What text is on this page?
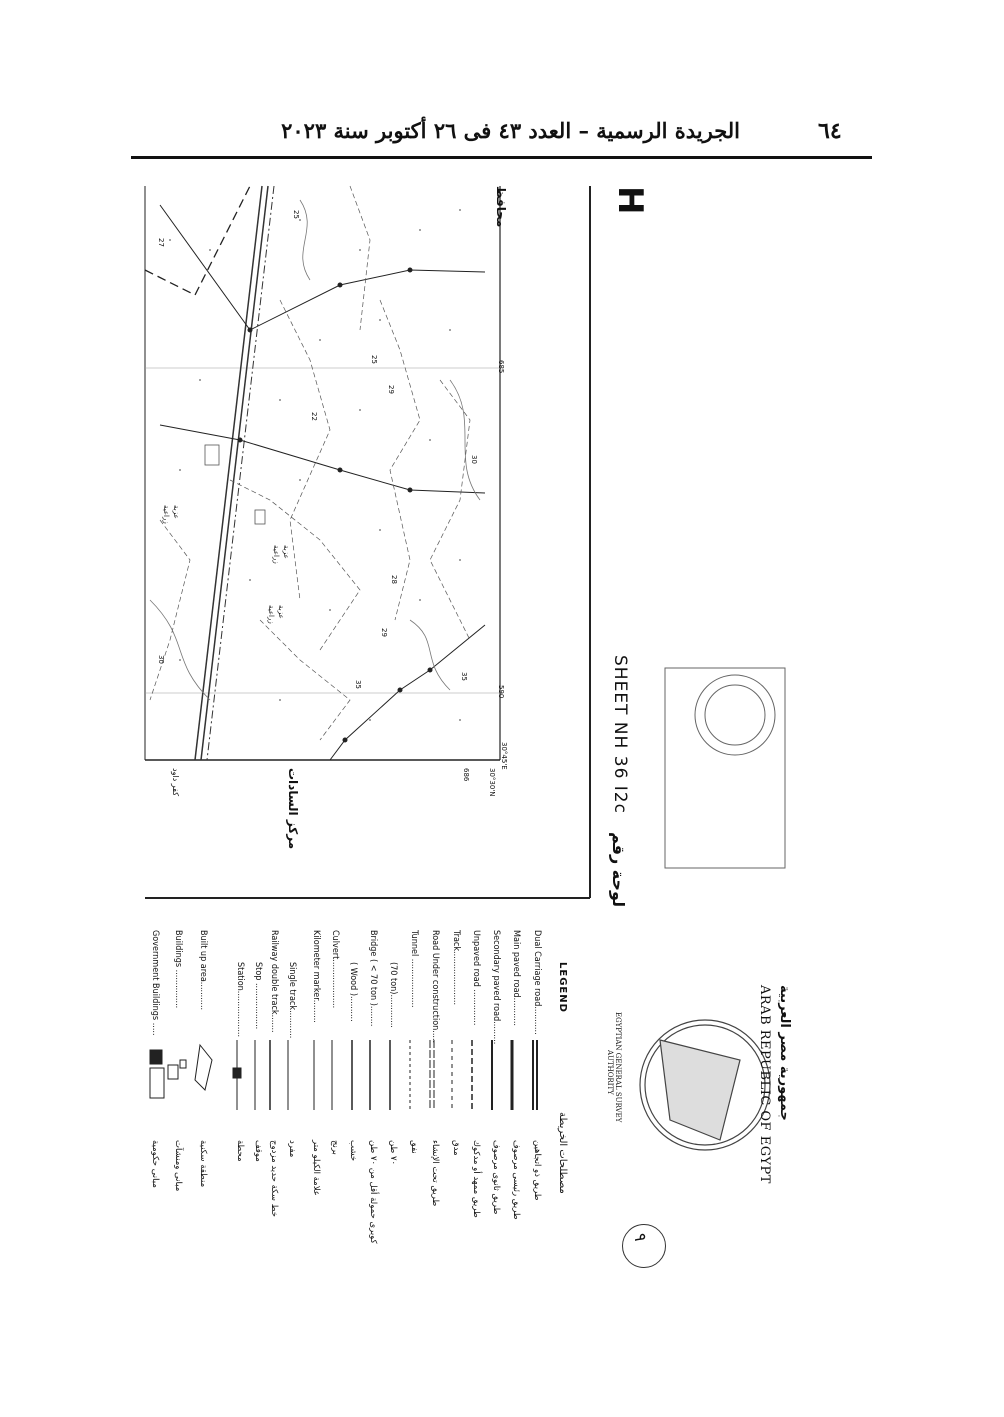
٦٤
الجريدة الرسمية – العدد ٤٣ فى ٢٦ أكتوبر سنة ٢٠٢٣
H
SHEET NH 36 I2c
لوحة رقم
محافظ
30°45'E
30°30'N
685
590
686
27
25
25
22
29
28
29
30
35
35
30
عزبة
زراعية
عزبة
زراعية
عزبة
زراعية
كفر داود	مركز السادات
LEGEND
مصطلحات الخريطة
Dual Carriage road...........
طريق ذو اتجاهين
Main paved road...........
طريق رئيسى مرصوف
Secondary paved road.........
طريق ثانوى مرصوف
Unpaved road ..............
طريق ممهد أو مدكوك
Track.....................
مدق
Road Under construction.....
طريق تحت الإنشاء
Tunnel ...................
نفق
(70 ton).............
٧٠ طن
Bridge ( < 70 ton )........
كوبرى حمولة أقل من ٧٠ طن
( Wood )..........
خشب
Culvert...................
برنج
Kilometer marker.........
علامة الكيلو متر
Single track...........
مفرد
Railway double track.......
خط سكة حديد مزدوج
Stop ..................
موقف
Station..................
محطة
Built up area...........
منطقة سكنية
Buildings ...............
مبانى ومنشآت
Government Buildings .....
مبانى حكومية
جمهورية مصر العربية
ARAB REPUBLIC OF EGYPT
EGYPTIAN GENERAL SURVEY
AUTHORITY
٩
